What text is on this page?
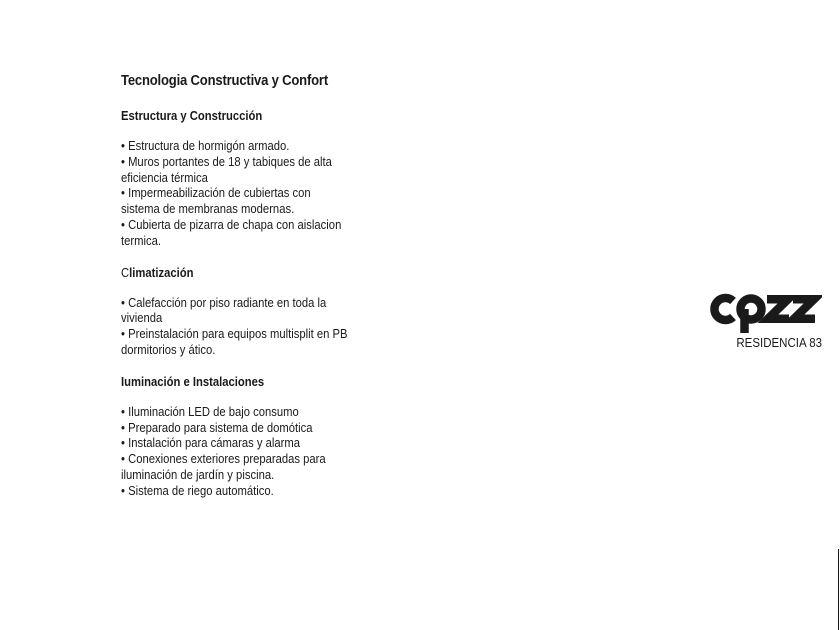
Tecnologia Constructiva y Confort
Estructura y Construcción
• Estructura de hormigón armado.
• Muros portantes de 18 y tabiques de alta eficiencia térmica
• Impermeabilización de cubiertas con sistema de membranas modernas.
• Cubierta de pizarra de chapa con aislacion termica.
Climatización
• Calefacción por piso radiante en toda la vivienda
• Preinstalación para equipos multisplit en PB dormitorios y ático.
Iuminación e Instalaciones
• Iluminación LED de bajo consumo
• Preparado para sistema de domótica
• Instalación para cámaras y alarma
• Conexiones exteriores preparadas para iluminación de jardín y piscina.
• Sistema de riego automático.
RESIDENCIA 83
